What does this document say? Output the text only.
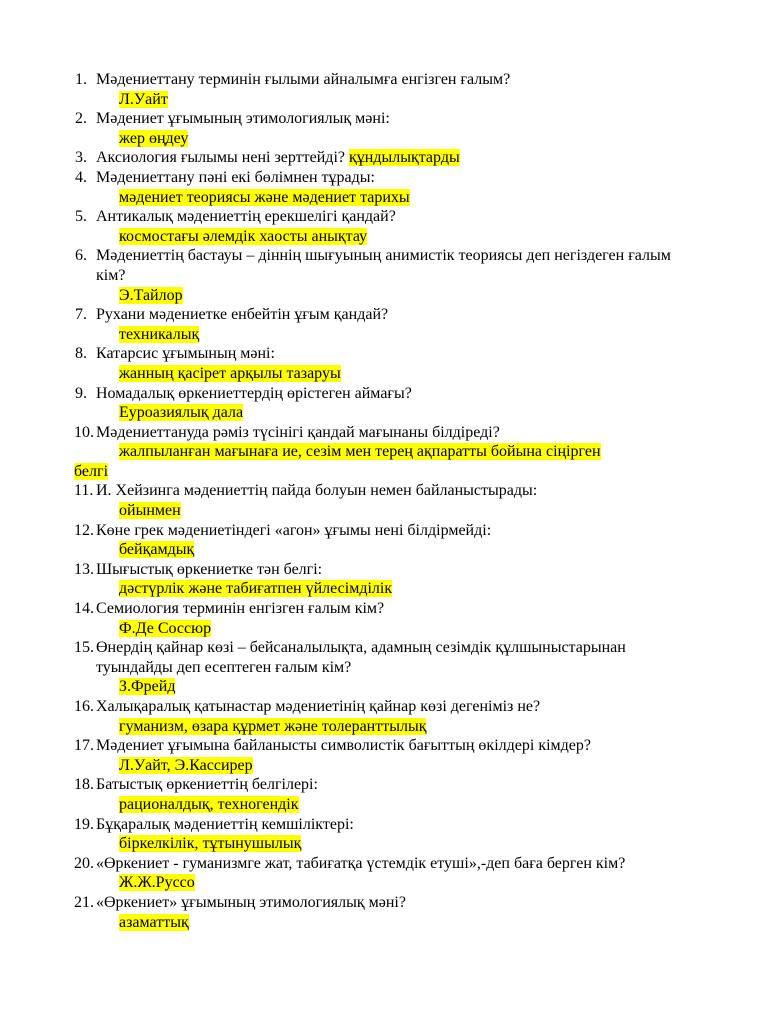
1. Мәдениеттану терминін ғылыми айналымға енгізген ғалым?
Л.Уайт
2. Мәдениет ұғымының этимологиялық мәні:
жер өңдеу
3. Аксиология ғылымы нені зерттейді? құндылықтарды
4. Мәдениеттану пәні екі бөлімнен тұрады:
мәдениет теориясы және мәдениет тарихы
5. Антикалық мәдениеттің ерекшелігі қандай?
космостағы әлемдік хаосты анықтау
6. Мәдениеттің бастауы – діннің шығуының анимистік теориясы деп негіздеген ғалым кім?
Э.Тайлор
7. Рухани мәдениетке енбейтін ұғым қандай?
техникалық
8. Катарсис ұғымының мәні:
жанның қасірет арқылы тазаруы
9. Номадалық өркениеттердің өрістеген аймағы?
Еуроазиялық дала
10. Мәдениеттануда рәміз түсінігі қандай мағынаны білдіреді?
жалпыланған мағынаға ие, сезім мен терең ақпаратты бойына сіңірген
белгі
11. И. Хейзинга мәдениеттің пайда болуын немен байланыстырады:
ойынмен
12. Көне грек мәдениетіндегі «агон» ұғымы нені білдірмейді:
бейқамдық
13. Шығыстық өркениетке тән белгі:
дәстүрлік және табиғатпен үйлесімділік
14. Семиология терминін енгізген ғалым кім?
Ф.Де Соссюр
15. Өнердің қайнар көзі – бейсаналылықта, адамның сезімдік құлшыныстарынан туындайды деп есептеген ғалым кім?
З.Фрейд
16. Халықаралық қатынастар мәдениетінің қайнар көзі дегеніміз не?
гуманизм, өзара құрмет және толеранттылық
17. Мәдениет ұғымына байланысты символистік бағыттың өкілдері кімдер?
Л.Уайт, Э.Кассирер
18. Батыстық өркениеттің белгілері:
рационалдық, техногендік
19. Бұқаралық мәдениеттің кемшіліктері:
біркелкілік, тұтынушылық
20. «Өркениет - гуманизмге жат, табиғатқа үстемдік етуші»,-деп баға берген кім?
Ж.Ж.Руссо
21. «Өркениет» ұғымының этимологиялық мәні?
азаматтық
